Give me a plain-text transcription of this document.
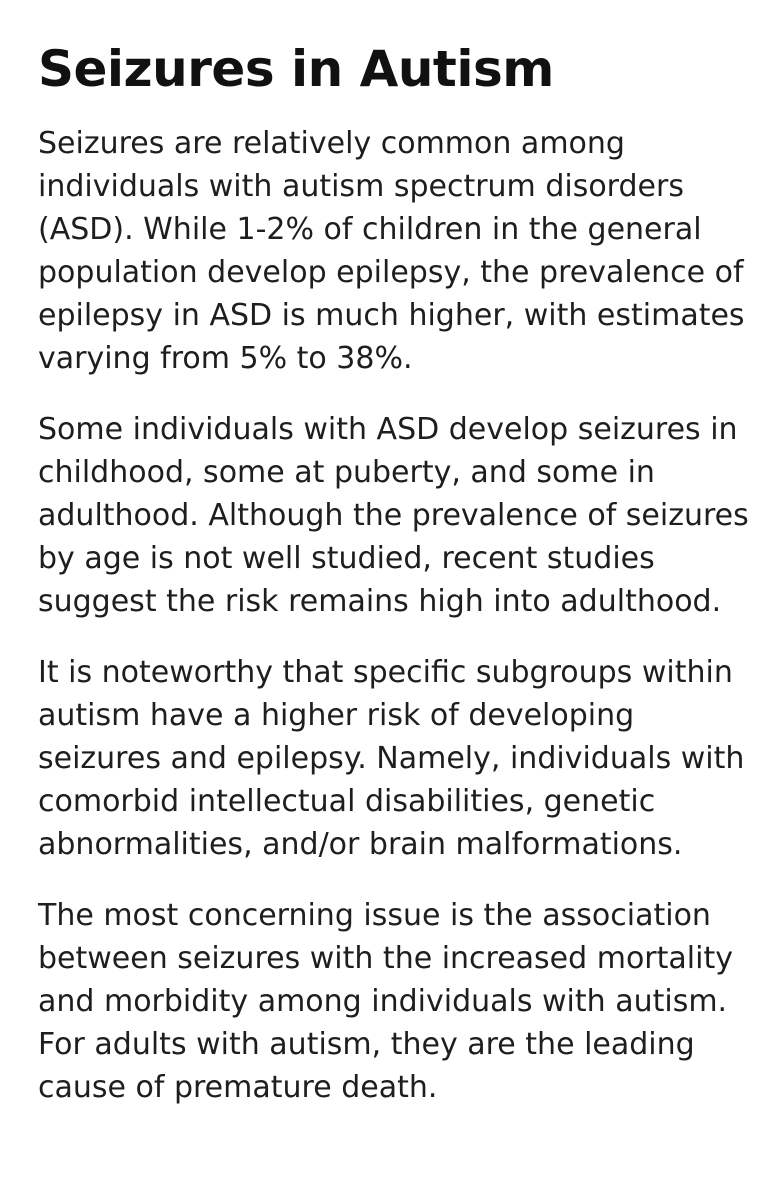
Seizures in Autism

Seizures are relatively common among individuals with autism spectrum disorders (ASD). While 1-2% of children in the general population develop epilepsy, the prevalence of epilepsy in ASD is much higher, with estimates varying from 5% to 38%.

Some individuals with ASD develop seizures in childhood, some at puberty, and some in adulthood. Although the prevalence of seizures by age is not well studied, recent studies suggest the risk remains high into adulthood.

It is noteworthy that specific subgroups within autism have a higher risk of developing seizures and epilepsy. Namely, individuals with comorbid intellectual disabilities, genetic abnormalities, and/or brain malformations.

The most concerning issue is the association between seizures with the increased mortality and morbidity among individuals with autism. For adults with autism, they are the leading cause of premature death.
